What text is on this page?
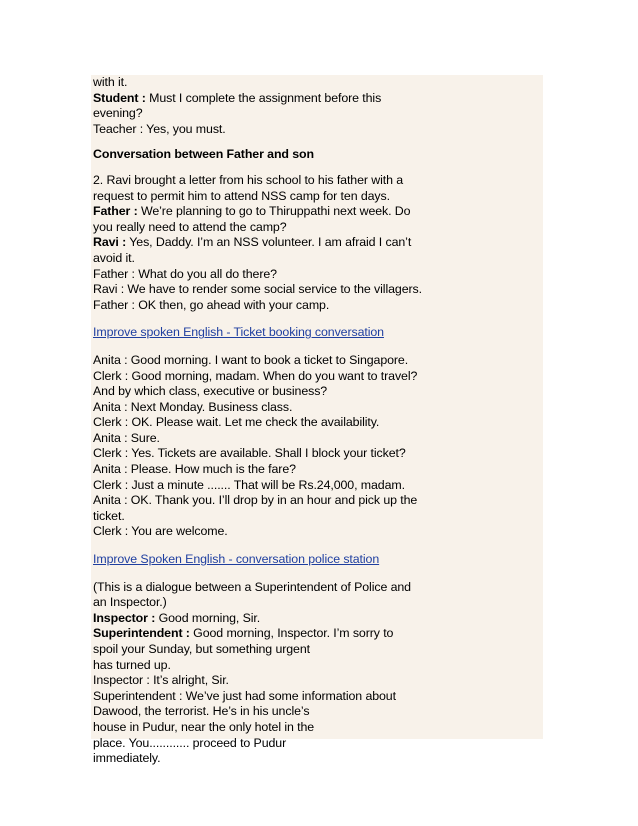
with it.
Student : Must I complete the assignment before this
evening?
Teacher : Yes, you must.
Conversation between Father and son
2. Ravi brought a letter from his school to his father with a
request to permit him to attend NSS camp for ten days.
Father : We’re planning to go to Thiruppathi next week. Do
you really need to attend the camp?
Ravi : Yes, Daddy. I’m an NSS volunteer. I am afraid I can’t
avoid it.
Father : What do you all do there?
Ravi : We have to render some social service to the villagers.
Father : OK then, go ahead with your camp.
Improve spoken English - Ticket booking conversation
Anita : Good morning. I want to book a ticket to Singapore.
Clerk : Good morning, madam. When do you want to travel?
And by which class, executive or business?
Anita : Next Monday. Business class.
Clerk : OK. Please wait. Let me check the availability.
Anita : Sure.
Clerk : Yes. Tickets are available. Shall I block your ticket?
Anita : Please. How much is the fare?
Clerk : Just a minute ....... That will be Rs.24,000, madam.
Anita : OK. Thank you. I’ll drop by in an hour and pick up the
ticket.
Clerk : You are welcome.
Improve Spoken English - conversation police station
(This is a dialogue between a Superintendent of Police and
an Inspector.)
Inspector : Good morning, Sir.
Superintendent : Good morning, Inspector. I’m sorry to
spoil your Sunday, but something urgent
has turned up.
Inspector : It’s alright, Sir.
Superintendent : We’ve just had some information about
Dawood, the terrorist. He’s in his uncle’s
house in Pudur, near the only hotel in the
place. You............ proceed to Pudur
immediately.
